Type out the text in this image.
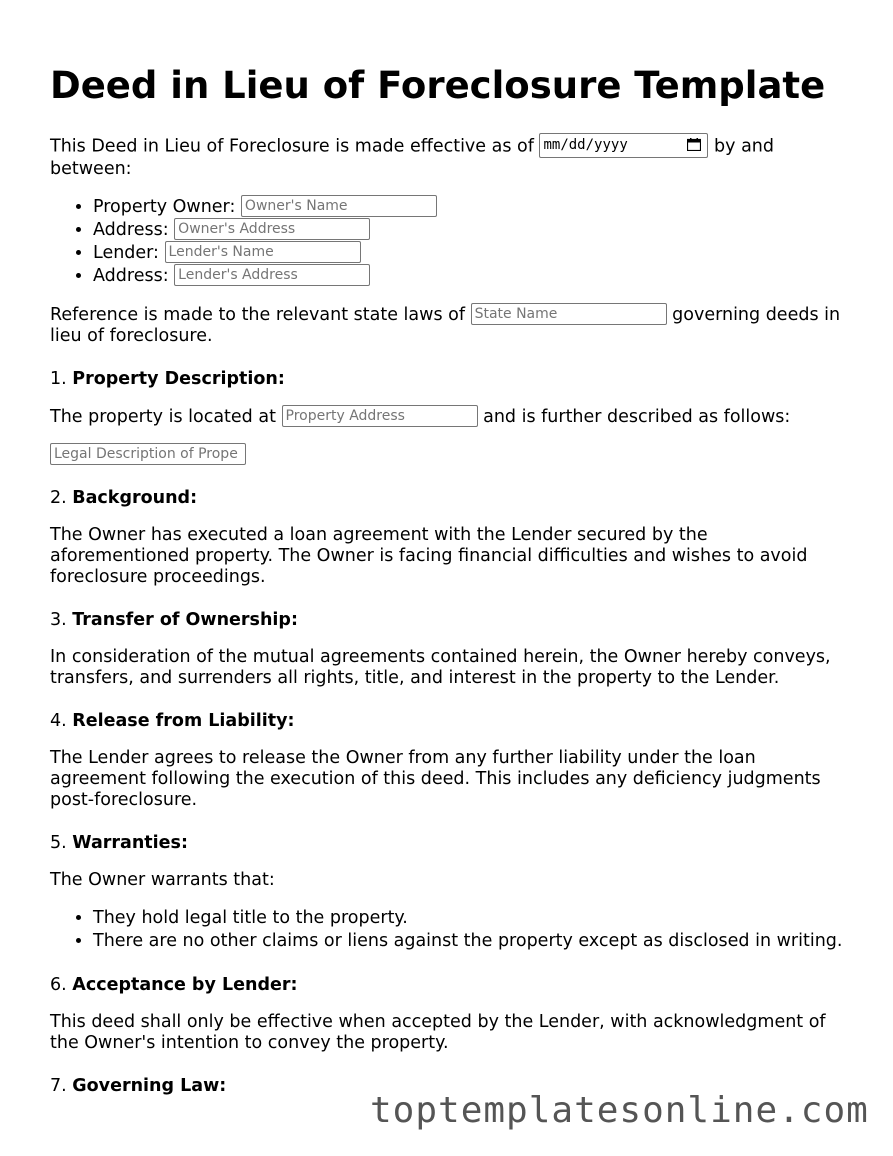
Deed in Lieu of Foreclosure Template

This Deed in Lieu of Foreclosure is made effective as of mm/dd/yyyy	by and between:

• Property Owner: Owner's Name
• Address: Owner's Address
• Lender: Lender's Name
• Address: Lender's Address

Reference is made to the relevant state laws of State Name	governing deeds in lieu of foreclosure.

1. Property Description:

The property is located at Property Address	and is further described as follows:

Legal Description of Prope

2. Background:

The Owner has executed a loan agreement with the Lender secured by the aforementioned property. The Owner is facing financial difficulties and wishes to avoid foreclosure proceedings.

3. Transfer of Ownership:

In consideration of the mutual agreements contained herein, the Owner hereby conveys, transfers, and surrenders all rights, title, and interest in the property to the Lender.

4. Release from Liability:

The Lender agrees to release the Owner from any further liability under the loan agreement following the execution of this deed. This includes any deficiency judgments post-foreclosure.

5. Warranties:

The Owner warrants that:

• They hold legal title to the property.
• There are no other claims or liens against the property except as disclosed in writing.

6. Acceptance by Lender:

This deed shall only be effective when accepted by the Lender, with acknowledgment of the Owner's intention to convey the property.

7. Governing Law:

toptemplatesonline.com
